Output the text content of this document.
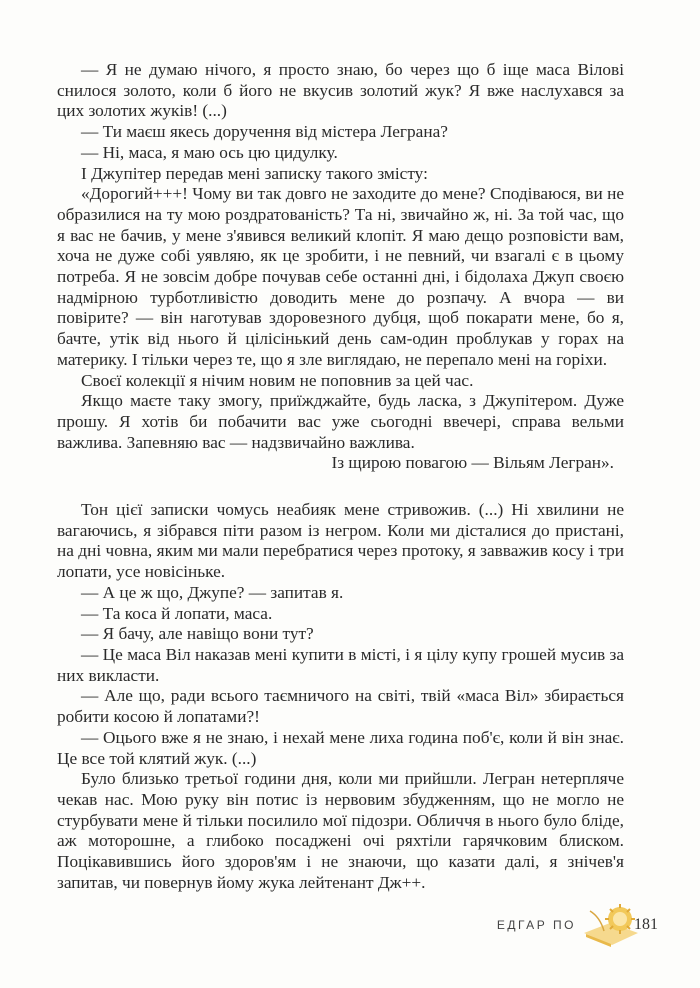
— Я не думаю нічого, я просто знаю, бо через що б іще маса Вілові снилося золото, коли б його не вкусив золотий жук? Я вже наслухався за цих золотих жуків! (...)

— Ти маєш якесь доручення від містера Леграна?

— Ні, маса, я маю ось цю цидулку.

І Джупітер передав мені записку такого змісту:

«Дорогий+++! Чому ви так довго не заходите до мене? Сподіваюся, ви не образилися на ту мою роздратованість? Та ні, звичайно ж, ні. За той час, що я вас не бачив, у мене з'явився великий клопіт. Я маю дещо розповісти вам, хоча не дуже собі уявляю, як це зробити, і не певний, чи взагалі є в цьому потреба. Я не зовсім добре почував себе останні дні, і бідолаха Джуп своєю надмірною турботливістю доводить мене до розпачу. А вчора — ви повірите? — він наготував здоровезного дубця, щоб покарати мене, бо я, бачте, утік від нього й цілісінький день сам-один проблукав у горах на материку. І тільки через те, що я зле виглядаю, не перепало мені на горіхи.

Своєї колекції я нічим новим не поповнив за цей час.

Якщо маєте таку змогу, приїжджайте, будь ласка, з Джупітером. Дуже прошу. Я хотів би побачити вас уже сьогодні ввечері, справа вельми важлива. Запевняю вас — надзвичайно важлива.

Із щирою повагою — Вільям Легран».

Тон цієї записки чомусь неабияк мене стривожив. (...) Ні хвилини не вагаючись, я зібрався піти разом із негром. Коли ми дісталися до пристані, на дні човна, яким ми мали перебратися через протоку, я завважив косу і три лопати, усе новісіньке.

— А це ж що, Джупе? — запитав я.

— Та коса й лопати, маса.

— Я бачу, але навіщо вони тут?

— Це маса Віл наказав мені купити в місті, і я цілу купу грошей мусив за них викласти.

— Але що, ради всього таємничого на світі, твій «маса Віл» збирається робити косою й лопатами?!

— Оцього вже я не знаю, і нехай мене лиха година поб'є, коли й він знає. Це все той клятий жук. (...)

Було близько третьої години дня, коли ми прийшли. Легран нетерпляче чекав нас. Мою руку він потис із нервовим збудженням, що не могло не стурбувати мене й тільки посилило мої підозри. Обличчя в нього було бліде, аж моторошне, а глибоко посаджені очі ряхтіли гарячковим блиском. Поцікавившись його здоров'ям і не знаючи, що казати далі, я знічев'я запитав, чи повернув йому жука лейтенант Дж++.

ЕДГАР ПО	181
